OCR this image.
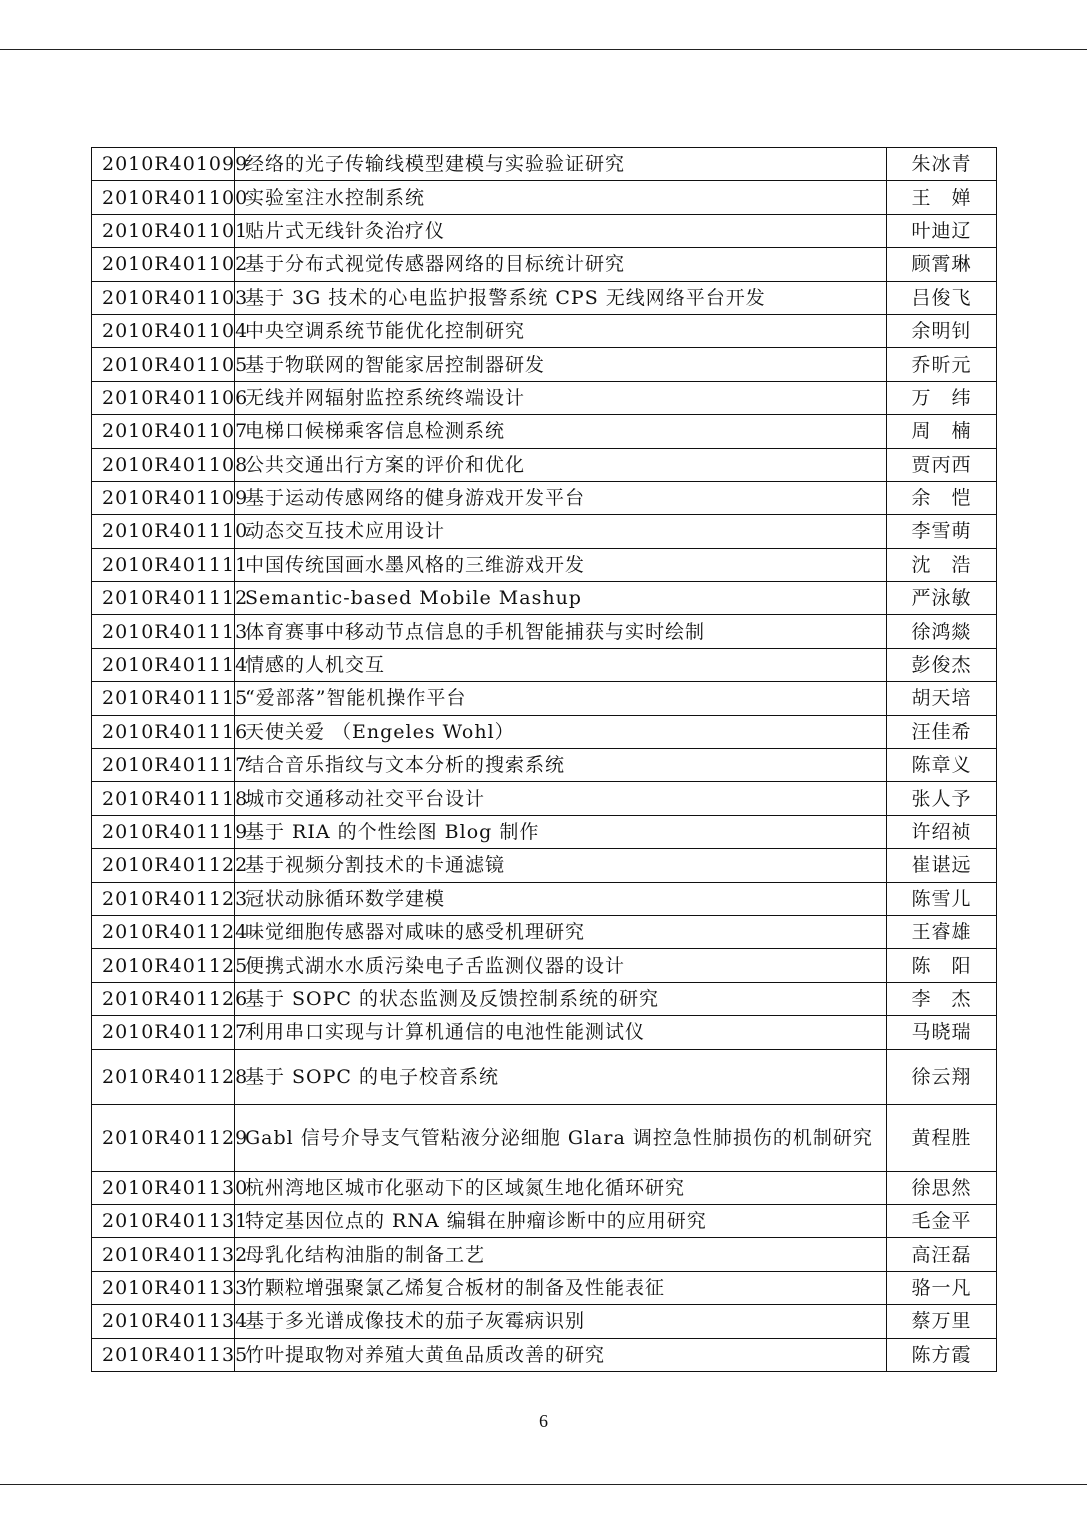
2010R401099	经络的光子传输线模型建模与实验验证研究	朱冰青
2010R401100	实验室注水控制系统	王　婵
2010R401101	贴片式无线针灸治疗仪	叶迪辽
2010R401102	基于分布式视觉传感器网络的目标统计研究	顾霄琳
2010R401103	基于 3G 技术的心电监护报警系统 CPS 无线网络平台开发	吕俊飞
2010R401104	中央空调系统节能优化控制研究	余明钊
2010R401105	基于物联网的智能家居控制器研发	乔昕元
2010R401106	无线并网辐射监控系统终端设计	万　纬
2010R401107	电梯口候梯乘客信息检测系统	周　楠
2010R401108	公共交通出行方案的评价和优化	贾丙西
2010R401109	基于运动传感网络的健身游戏开发平台	余　恺
2010R401110	动态交互技术应用设计	李雪萌
2010R401111	中国传统国画水墨风格的三维游戏开发	沈　浩
2010R401112	Semantic-based Mobile Mashup	严泳敏
2010R401113	体育赛事中移动节点信息的手机智能捕获与实时绘制	徐鸿燚
2010R401114	情感的人机交互	彭俊杰
2010R401115	“爱部落”智能机操作平台	胡天培
2010R401116	天使关爱 （Engeles Wohl）	汪佳希
2010R401117	结合音乐指纹与文本分析的搜索系统	陈章义
2010R401118	城市交通移动社交平台设计	张人予
2010R401119	基于 RIA 的个性绘图 Blog 制作	许绍祯
2010R401122	基于视频分割技术的卡通滤镜	崔谌远
2010R401123	冠状动脉循环数学建模	陈雪儿
2010R401124	味觉细胞传感器对咸味的感受机理研究	王睿雄
2010R401125	便携式湖水水质污染电子舌监测仪器的设计	陈　阳
2010R401126	基于 SOPC 的状态监测及反馈控制系统的研究	李　杰
2010R401127	利用串口实现与计算机通信的电池性能测试仪	马晓瑞
2010R401128	基于 SOPC 的电子校音系统	徐云翔
2010R401129	Gabl 信号介导支气管粘液分泌细胞 Glara 调控急性肺损伤的机制研究	黄程胜
2010R401130	杭州湾地区城市化驱动下的区域氮生地化循环研究	徐思然
2010R401131	特定基因位点的 RNA 编辑在肿瘤诊断中的应用研究	毛金平
2010R401132	母乳化结构油脂的制备工艺	高汪磊
2010R401133	竹颗粒增强聚氯乙烯复合板材的制备及性能表征	骆一凡
2010R401134	基于多光谱成像技术的茄子灰霉病识别	蔡万里
2010R401135	竹叶提取物对养殖大黄鱼品质改善的研究	陈方霞
6
